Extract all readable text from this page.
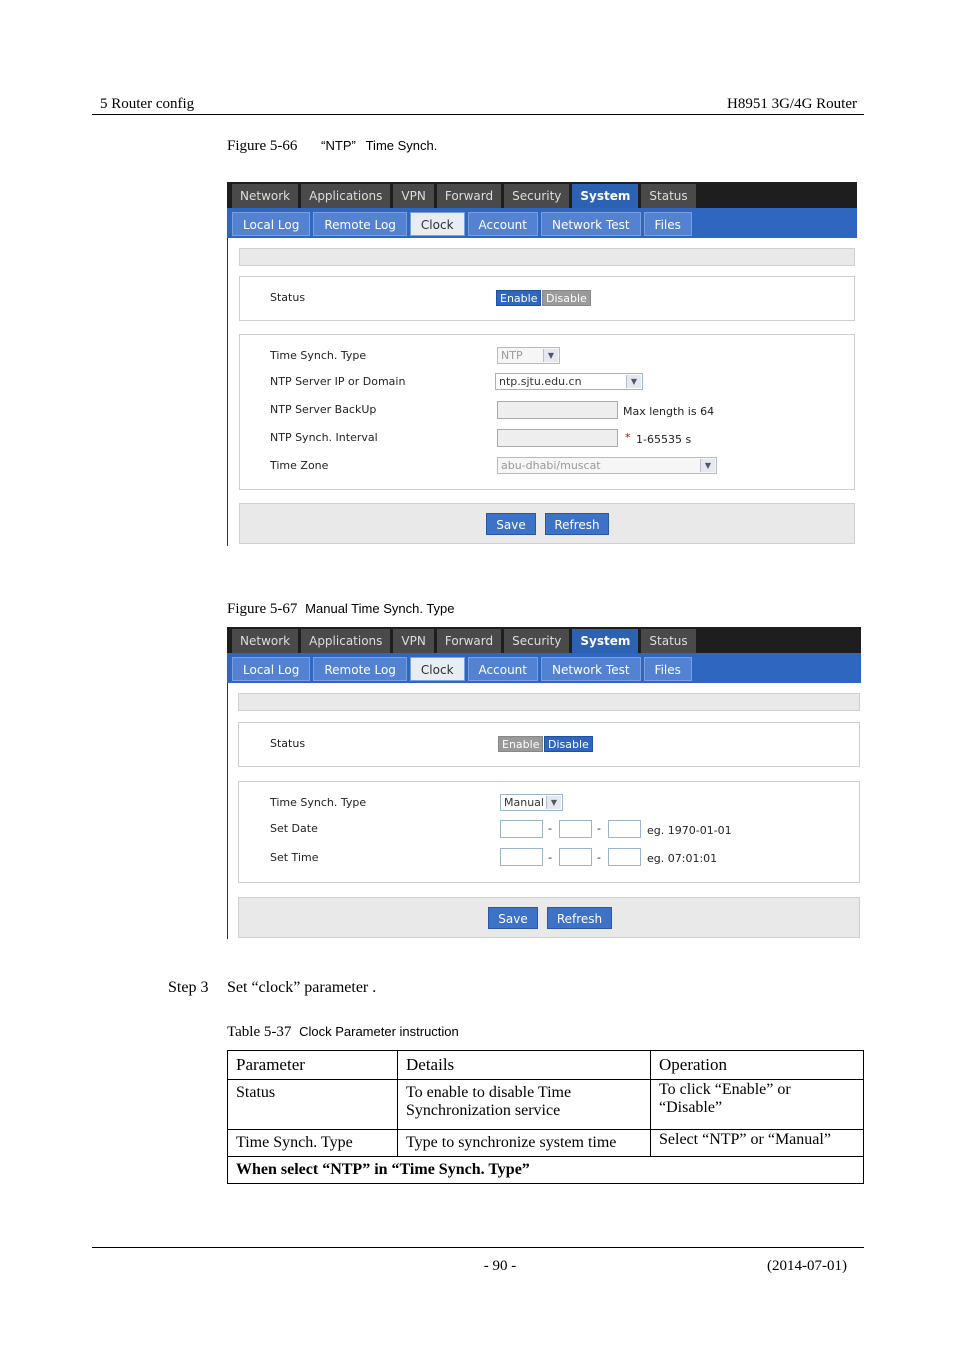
5 Router config	H8951 3G/4G Router
Figure 5-66 “NTP” Time Synch.
Network	Applications	VPN	Forward	Security	System	Status
Local Log	Remote Log	Clock	Account	Network Test	Files
Status	Enable Disable
Time Synch. Type	NTP	▼
NTP Server IP or Domain	ntp.sjtu.edu.cn	▼
NTP Server BackUp	Max length is 64
NTP Synch. Interval	* 1-65535 s
Time Zone	abu-dhabi/muscat	▼
Save	Refresh
Figure 5-67 Manual Time Synch. Type
Network	Applications	VPN	Forward	Security	System	Status
Local Log	Remote Log	Clock	Account	Network Test	Files
Status	Enable Disable
Time Synch. Type	Manual ▼
Set Date	-	-	eg. 1970-01-01
Set Time	-	-	eg. 07:01:01
Save	Refresh
Step 3 Set “clock” parameter .
Table 5-37 Clock Parameter instruction
Parameter	Details	Operation
Status	To enable to disable Time Synchronization service	To click “Enable” or “Disable”
Time Synch. Type	Type to synchronize system time	Select “NTP” or “Manual”
When select “NTP” in “Time Synch. Type”		
- 90 -	(2014-07-01)
